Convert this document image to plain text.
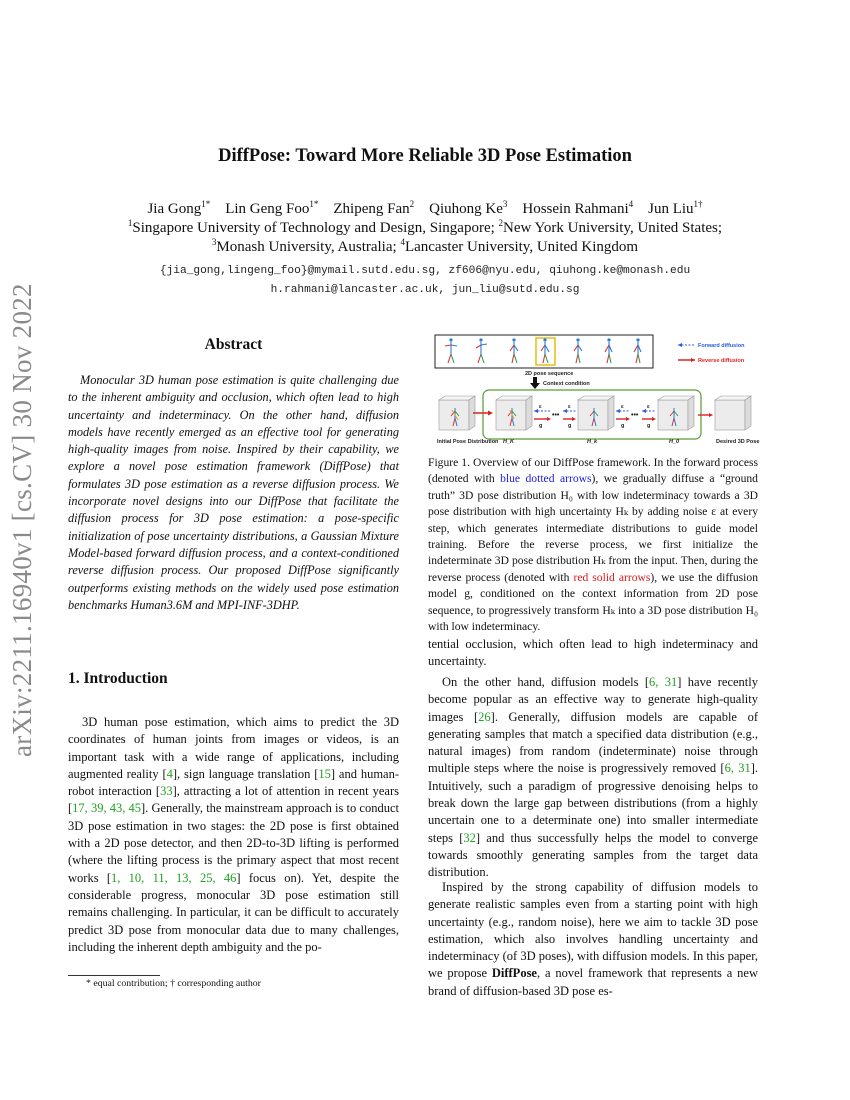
arXiv:2211.16940v1 [cs.CV] 30 Nov 2022
DiffPose: Toward More Reliable 3D Pose Estimation
Jia Gong$^{1*}$ Lin Geng Foo$^{1*}$ Zhipeng Fan$^2$ Qiuhong Ke$^3$ Hossein Rahmani$^4$ Jun Liu$^{1\dagger}$
$^1$Singapore University of Technology and Design, Singapore; $^2$New York University, United States;
$^3$Monash University, Australia; $^4$Lancaster University, United Kingdom
{jia_gong,lingeng_foo}@mymail.sutd.edu.sg, zf606@nyu.edu, qiuhong.ke@monash.edu
h.rahmani@lancaster.ac.uk, jun_liu@sutd.edu.sg
Abstract
Monocular 3D human pose estimation is quite challenging due to the inherent ambiguity and occlusion, which often lead to high uncertainty and indeterminacy. On the other hand, diffusion models have recently emerged as an effective tool for generating high-quality images from noise. Inspired by their capability, we explore a novel pose estimation framework (DiffPose) that formulates 3D pose estimation as a reverse diffusion process. We incorporate novel designs into our DiffPose that facilitate the diffusion process for 3D pose estimation: a pose-specific initialization of pose uncertainty distributions, a Gaussian Mixture Model-based forward diffusion process, and a context-conditioned reverse diffusion process. Our proposed DiffPose significantly outperforms existing methods on the widely used pose estimation benchmarks Human3.6M and MPI-INF-3DHP.
1. Introduction
3D human pose estimation, which aims to predict the 3D coordinates of human joints from images or videos, is an important task with a wide range of applications, including augmented reality [4], sign language translation [15] and human-robot interaction [33], attracting a lot of attention in recent years [17, 39, 43, 45]. Generally, the mainstream approach is to conduct 3D pose estimation in two stages: the 2D pose is first obtained with a 2D pose detector, and then 2D-to-3D lifting is performed (where the lifting process is the primary aspect that most recent works [1, 10, 11, 13, 25, 46] focus on). Yet, despite the considerable progress, monocular 3D pose estimation still remains challenging. In particular, it can be difficult to accurately predict 3D pose from monocular data due to many challenges, including the inherent depth ambiguity and the po-
* equal contribution; † corresponding author
Forward diffusion
Reverse diffusion
2D pose sequence
Context condition
ε
g
ε
g
ε
g
ε
g
•••	•••
Initial Pose Distribution H_K	H_k	H_0	Desired 3D Pose
Figure 1. Overview of our DiffPose framework. In the forward process (denoted with blue dotted arrows), we gradually diffuse a “ground truth” 3D pose distribution H₀ with low indeterminacy towards a 3D pose distribution with high uncertainty Hₖ by adding noise ε at every step, which generates intermediate distributions to guide model training. Before the reverse process, we first initialize the indeterminate 3D pose distribution Hₖ from the input. Then, during the reverse process (denoted with red solid arrows), we use the diffusion model g, conditioned on the context information from 2D pose sequence, to progressively transform Hₖ into a 3D pose distribution H₀ with low indeterminacy.
tential occlusion, which often lead to high indeterminacy and uncertainty.
On the other hand, diffusion models [6, 31] have recently become popular as an effective way to generate high-quality images [26]. Generally, diffusion models are capable of generating samples that match a specified data distribution (e.g., natural images) from random (indeterminate) noise through multiple steps where the noise is progressively removed [6, 31]. Intuitively, such a paradigm of progressive denoising helps to break down the large gap between distributions (from a highly uncertain one to a determinate one) into smaller intermediate steps [32] and thus successfully helps the model to converge towards smoothly generating samples from the target data distribution.
Inspired by the strong capability of diffusion models to generate realistic samples even from a starting point with high uncertainty (e.g., random noise), here we aim to tackle 3D pose estimation, which also involves handling uncertainty and indeterminacy (of 3D poses), with diffusion models. In this paper, we propose DiffPose, a novel framework that represents a new brand of diffusion-based 3D pose es-
